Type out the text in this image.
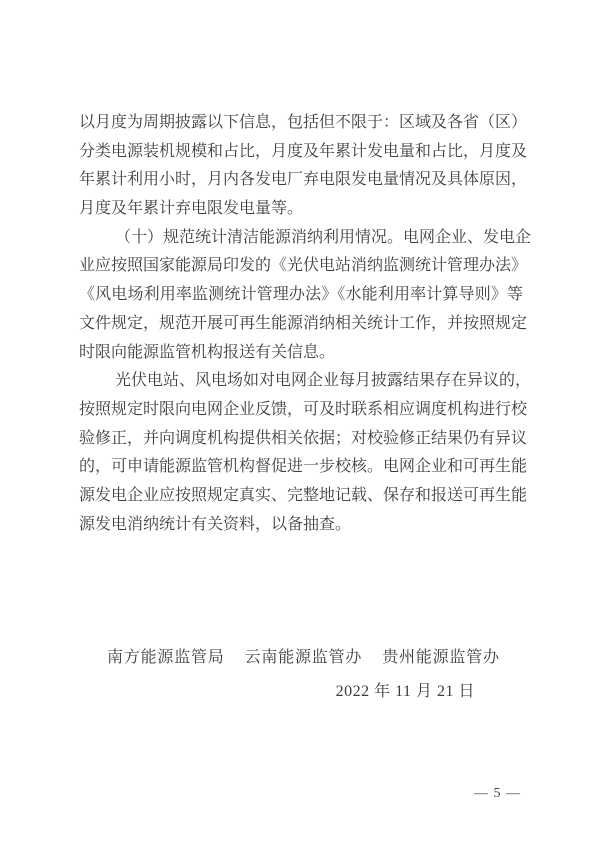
以月度为周期披露以下信息，包括但不限于：区域及各省（区）
分类电源装机规模和占比，月度及年累计发电量和占比，月度及
年累计利用小时，月内各发电厂弃电限发电量情况及具体原因，
月度及年累计弃电限发电量等。
（十）规范统计清洁能源消纳利用情况。电网企业、发电企
业应按照国家能源局印发的《光伏电站消纳监测统计管理办法》
《风电场利用率监测统计管理办法》《水能利用率计算导则》等
文件规定，规范开展可再生能源消纳相关统计工作，并按照规定
时限向能源监管机构报送有关信息。
光伏电站、风电场如对电网企业每月披露结果存在异议的，
按照规定时限向电网企业反馈，可及时联系相应调度机构进行校
验修正，并向调度机构提供相关依据；对校验修正结果仍有异议
的，可申请能源监管机构督促进一步校核。电网企业和可再生能
源发电企业应按照规定真实、完整地记载、保存和报送可再生能
源发电消纳统计有关资料，以备抽查。
南方能源监管局 云南能源监管办 贵州能源监管办
2022 年 11 月 21 日
— 5 —
